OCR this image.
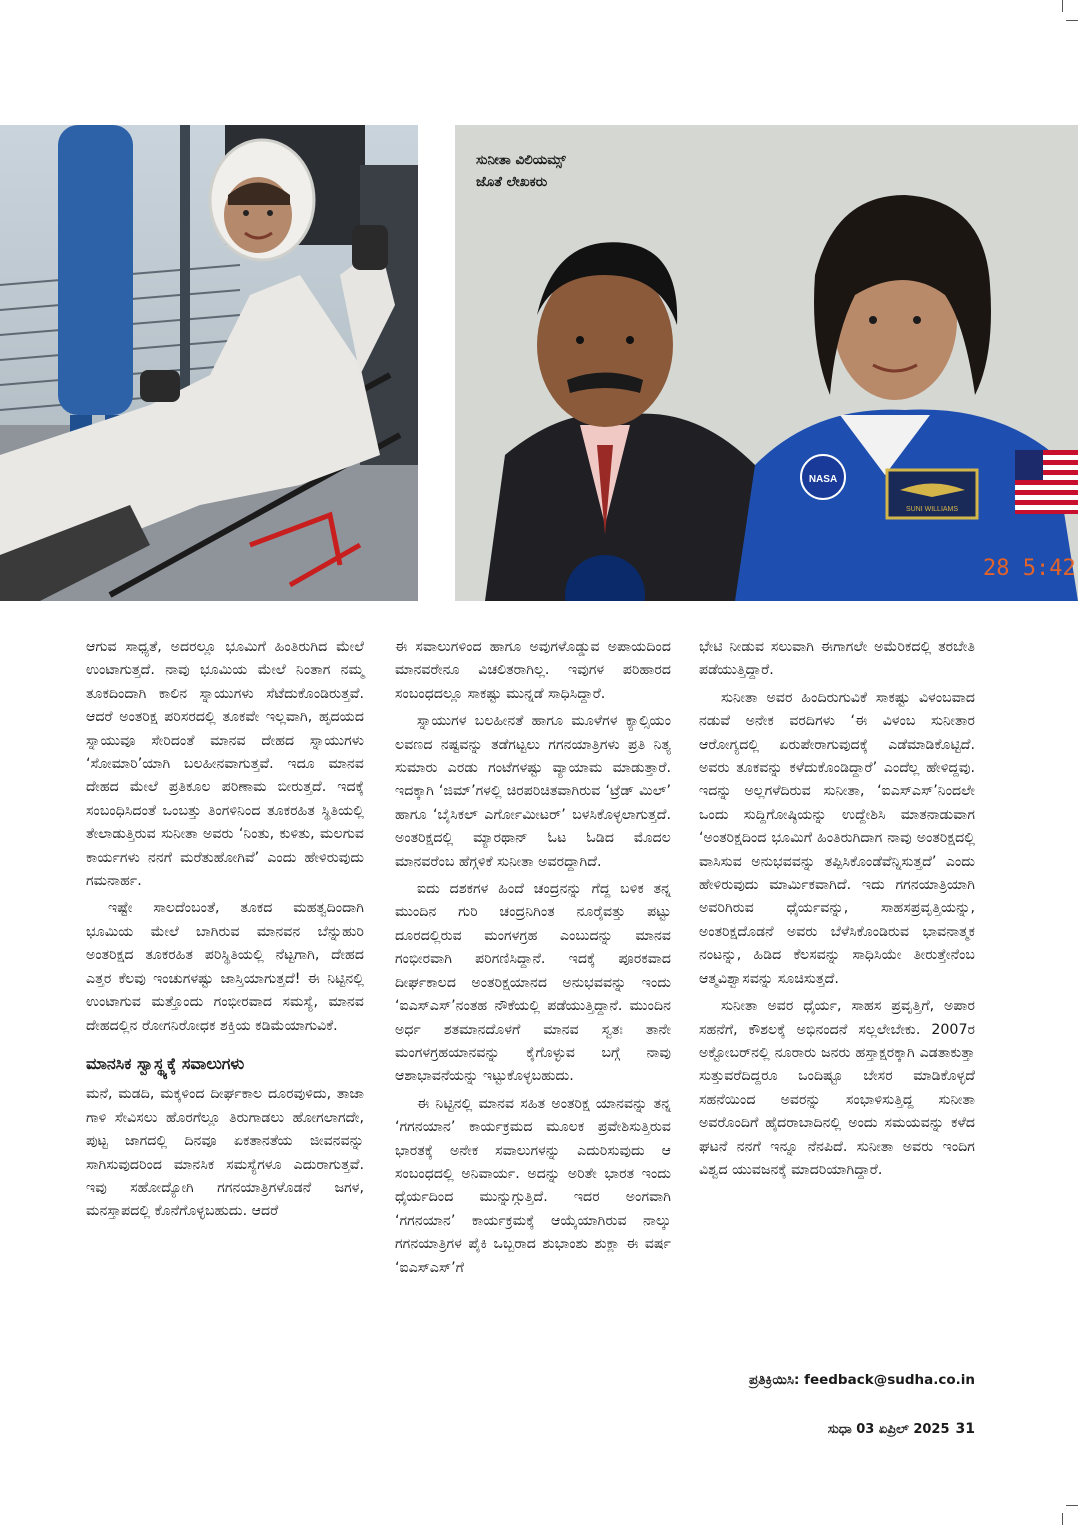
SUNI WILLIAMS
NASA
28 5:42
ಸುನೀತಾ ವಿಲಿಯಮ್ಸ್
ಜೊತೆ ಲೇಖಕರು

ಆಗುವ ಸಾಧ್ಯತೆ, ಅದರಲ್ಲೂ ಭೂಮಿಗೆ ಹಿಂತಿರುಗಿದ ಮೇಲೆ ಉಂಟಾಗುತ್ತದೆ. ನಾವು ಭೂಮಿಯ ಮೇಲೆ ನಿಂತಾಗ ನಮ್ಮ ತೂಕದಿಂದಾಗಿ ಕಾಲಿನ ಸ್ನಾಯುಗಳು ಸೆಟೆದುಕೊಂಡಿರುತ್ತವೆ. ಆದರೆ ಅಂತರಿಕ್ಷ ಪರಿಸರದಲ್ಲಿ ತೂಕವೇ ಇಲ್ಲವಾಗಿ, ಹೃದಯದ ಸ್ನಾಯುವೂ ಸೇರಿದಂತೆ ಮಾನವ ದೇಹದ ಸ್ನಾಯುಗಳು ‘ಸೋಮಾರಿ’ಯಾಗಿ ಬಲಹೀನವಾಗುತ್ತವೆ. ಇದೂ ಮಾನವ ದೇಹದ ಮೇಲೆ ಪ್ರತಿಕೂಲ ಪರಿಣಾಮ ಬೀರುತ್ತದೆ. ಇದಕ್ಕೆ ಸಂಬಂಧಿಸಿದಂತೆ ಒಂಬತ್ತು ತಿಂಗಳಿನಿಂದ ತೂಕರಹಿತ ಸ್ಥಿತಿಯಲ್ಲಿ ತೇಲಾಡುತ್ತಿರುವ ಸುನೀತಾ ಅವರು ‘ನಿಂತು, ಕುಳಿತು, ಮಲಗುವ ಕಾರ್ಯಗಳು ನನಗೆ ಮರೆತುಹೋಗಿವೆ’ ಎಂದು ಹೇಳಿರುವುದು ಗಮನಾರ್ಹ.

ಇಷ್ಟೇ ಸಾಲದೆಂಬಂತೆ, ತೂಕದ ಮಹತ್ವದಿಂದಾಗಿ ಭೂಮಿಯ ಮೇಲೆ ಬಾಗಿರುವ ಮಾನವನ ಬೆನ್ನುಹುರಿ ಅಂತರಿಕ್ಷದ ತೂಕರಹಿತ ಪರಿಸ್ಥಿತಿಯಲ್ಲಿ ನೆಟ್ಟಗಾಗಿ, ದೇಹದ ಎತ್ತರ ಕೆಲವು ಇಂಚುಗಳಷ್ಟು ಜಾಸ್ತಿಯಾಗುತ್ತದೆ! ಈ ನಿಟ್ಟಿನಲ್ಲಿ ಉಂಟಾಗುವ ಮತ್ತೊಂದು ಗಂಭೀರವಾದ ಸಮಸ್ಯೆ, ಮಾನವ ದೇಹದಲ್ಲಿನ ರೋಗನಿರೋಧಕ ಶಕ್ತಿಯ ಕಡಿಮೆಯಾಗುವಿಕೆ.

ಮಾನಸಿಕ ಸ್ವಾಸ್ಥ್ಯಕ್ಕೆ ಸವಾಲುಗಳು

ಮನೆ, ಮಡದಿ, ಮಕ್ಕಳಿಂದ ದೀರ್ಘಕಾಲ ದೂರವುಳಿದು, ತಾಜಾ ಗಾಳಿ ಸೇವಿಸಲು ಹೊರಗೆಲ್ಲೂ ತಿರುಗಾಡಲು ಹೋಗಲಾಗದೇ, ಪುಟ್ಟ ಜಾಗದಲ್ಲಿ ದಿನವೂ ಏಕತಾನತೆಯ ಜೀವನವನ್ನು ಸಾಗಿಸುವುದರಿಂದ ಮಾನಸಿಕ ಸಮಸ್ಯೆಗಳೂ ಎದುರಾಗುತ್ತವೆ. ಇವು ಸಹೋದ್ಯೋಗಿ ಗಗನಯಾತ್ರಿಗಳೊಡನೆ ಜಗಳ, ಮನಸ್ತಾಪದಲ್ಲಿ ಕೊನೆಗೊಳ್ಳಬಹುದು. ಆದರೆ

ಈ ಸವಾಲುಗಳಿಂದ ಹಾಗೂ ಅವುಗಳೊಡ್ಡುವ ಅಪಾಯದಿಂದ ಮಾನವರೇನೂ ವಿಚಲಿತರಾಗಿಲ್ಲ. ಇವುಗಳ ಪರಿಹಾರದ ಸಂಬಂಧದಲ್ಲೂ ಸಾಕಷ್ಟು ಮುನ್ನಡೆ ಸಾಧಿಸಿದ್ದಾರೆ.

ಸ್ನಾಯುಗಳ ಬಲಹೀನತೆ ಹಾಗೂ ಮೂಳೆಗಳ ಕ್ಯಾಲ್ಸಿಯಂ ಲವಣದ ನಷ್ಟವನ್ನು ತಡೆಗಟ್ಟಲು ಗಗನಯಾತ್ರಿಗಳು ಪ್ರತಿ ನಿತ್ಯ ಸುಮಾರು ಎರಡು ಗಂಟೆಗಳಷ್ಟು ವ್ಯಾಯಾಮ ಮಾಡುತ್ತಾರೆ. ಇದಕ್ಕಾಗಿ ‘ಜಿಮ್’ಗಳಲ್ಲಿ ಚಿರಪರಿಚಿತವಾಗಿರುವ ‘ಟ್ರೆಡ್ ಮಿಲ್’ ಹಾಗೂ ‘ಬೈಸಿಕಲ್ ಎರ್ಗೋಮೀಟರ್’ ಬಳಸಿಕೊಳ್ಳಲಾಗುತ್ತದೆ. ಅಂತರಿಕ್ಷದಲ್ಲಿ ಮ್ಯಾರಥಾನ್ ಓಟ ಓಡಿದ ಮೊದಲ ಮಾನವರೆಂಬ ಹೆಗ್ಗಳಿಕೆ ಸುನೀತಾ ಅವರದ್ದಾಗಿದೆ.

ಐದು ದಶಕಗಳ ಹಿಂದೆ ಚಂದ್ರನನ್ನು ಗೆದ್ದ ಬಳಿಕ ತನ್ನ ಮುಂದಿನ ಗುರಿ ಚಂದ್ರನಿಗಿಂತ ನೂರೈವತ್ತು ಪಟ್ಟು ದೂರದಲ್ಲಿರುವ ಮಂಗಳಗ್ರಹ ಎಂಬುದನ್ನು ಮಾನವ ಗಂಭೀರವಾಗಿ ಪರಿಗಣಿಸಿದ್ದಾನೆ. ಇದಕ್ಕೆ ಪೂರಕವಾದ ದೀರ್ಘಕಾಲದ ಅಂತರಿಕ್ಷಯಾನದ ಅನುಭವವನ್ನು ಇಂದು ‘ಐಎಸ್‌ಎಸ್’ನಂತಹ ನೌಕೆಯಲ್ಲಿ ಪಡೆಯುತ್ತಿದ್ದಾನೆ. ಮುಂದಿನ ಅರ್ಧ ಶತಮಾನದೊಳಗೆ ಮಾನವ ಸ್ವತಃ ತಾನೇ ಮಂಗಳಗ್ರಹಯಾನವನ್ನು ಕೈಗೊಳ್ಳುವ ಬಗ್ಗೆ ನಾವು ಆಶಾಭಾವನೆಯನ್ನು ಇಟ್ಟುಕೊಳ್ಳಬಹುದು.

ಈ ನಿಟ್ಟಿನಲ್ಲಿ ಮಾನವ ಸಹಿತ ಅಂತರಿಕ್ಷ ಯಾನವನ್ನು ತನ್ನ ‘ಗಗನಯಾನ’ ಕಾರ್ಯಕ್ರಮದ ಮೂಲಕ ಪ್ರವೇಶಿಸುತ್ತಿರುವ ಭಾರತಕ್ಕೆ ಅನೇಕ ಸವಾಲುಗಳನ್ನು ಎದುರಿಸುವುದು ಆ ಸಂಬಂಧದಲ್ಲಿ ಅನಿವಾರ್ಯ. ಅದನ್ನು ಅರಿತೇ ಭಾರತ ಇಂದು ಧೈರ್ಯದಿಂದ ಮುನ್ನುಗ್ಗುತ್ತಿದೆ. ಇದರ ಅಂಗವಾಗಿ ‘ಗಗನಯಾನ’ ಕಾರ್ಯಕ್ರಮಕ್ಕೆ ಆಯ್ಕೆಯಾಗಿರುವ ನಾಲ್ಕು ಗಗನಯಾತ್ರಿಗಳ ಪೈಕಿ ಒಬ್ಬರಾದ ಶುಭಾಂಶು ಶುಕ್ಲಾ ಈ ವರ್ಷ ‘ಐಎಸ್‌ಎಸ್’ಗೆ

ಭೇಟಿ ನೀಡುವ ಸಲುವಾಗಿ ಈಗಾಗಲೇ ಅಮೆರಿಕದಲ್ಲಿ ತರಬೇತಿ ಪಡೆಯುತ್ತಿದ್ದಾರೆ.

ಸುನೀತಾ ಅವರ ಹಿಂದಿರುಗುವಿಕೆ ಸಾಕಷ್ಟು ವಿಳಂಬವಾದ ನಡುವೆ ಅನೇಕ ವರದಿಗಳು ‘ಈ ವಿಳಂಬ ಸುನೀತಾರ ಆರೋಗ್ಯದಲ್ಲಿ ಏರುಪೇರಾಗುವುದಕ್ಕೆ ಎಡೆಮಾಡಿಕೊಟ್ಟಿದೆ. ಅವರು ತೂಕವನ್ನು ಕಳೆದುಕೊಂಡಿದ್ದಾರೆ’ ಎಂದೆಲ್ಲ ಹೇಳಿದ್ದವು. ಇದನ್ನು ಅಲ್ಲಗಳೆದಿರುವ ಸುನೀತಾ, ‘ಐಎಸ್‌ಎಸ್’ನಿಂದಲೇ ಒಂದು ಸುದ್ದಿಗೋಷ್ಠಿಯನ್ನು ಉದ್ದೇಶಿಸಿ ಮಾತನಾಡುವಾಗ ‘ಅಂತರಿಕ್ಷದಿಂದ ಭೂಮಿಗೆ ಹಿಂತಿರುಗಿದಾಗ ನಾವು ಅಂತರಿಕ್ಷದಲ್ಲಿ ವಾಸಿಸುವ ಅನುಭವವನ್ನು ತಪ್ಪಿಸಿಕೊಂಡೆವೆನ್ನಿಸುತ್ತದೆ’ ಎಂದು ಹೇಳಿರುವುದು ಮಾರ್ಮಿಕವಾಗಿದೆ. ಇದು ಗಗನಯಾತ್ರಿಯಾಗಿ ಅವರಿಗಿರುವ ಧೈರ್ಯವನ್ನು, ಸಾಹಸಪ್ರವೃತ್ತಿಯನ್ನು, ಅಂತರಿಕ್ಷದೊಡನೆ ಅವರು ಬೆಳೆಸಿಕೊಂಡಿರುವ ಭಾವನಾತ್ಮಕ ನಂಟನ್ನು, ಹಿಡಿದ ಕೆಲಸವನ್ನು ಸಾಧಿಸಿಯೇ ತೀರುತ್ತೇನೆಂಬ ಆತ್ಮವಿಶ್ವಾಸವನ್ನು ಸೂಚಿಸುತ್ತದೆ.

ಸುನೀತಾ ಅವರ ಧೈರ್ಯ, ಸಾಹಸ ಪ್ರವೃತ್ತಿಗೆ, ಅಪಾರ ಸಹನೆಗೆ, ಕೌಶಲಕ್ಕೆ ಅಭಿನಂದನೆ ಸಲ್ಲಲೇಬೇಕು. 2007ರ ಅಕ್ಟೋಬರ್‌ನಲ್ಲಿ ನೂರಾರು ಜನರು ಹಸ್ತಾಕ್ಷರಕ್ಕಾಗಿ ಎಡತಾಕುತ್ತಾ ಸುತ್ತುವರೆದಿದ್ದರೂ ಒಂದಿಷ್ಟೂ ಬೇಸರ ಮಾಡಿಕೊಳ್ಳದೆ ಸಹನೆಯಿಂದ ಅವರನ್ನು ಸಂಭಾಳಿಸುತ್ತಿದ್ದ ಸುನೀತಾ ಅವರೊಂದಿಗೆ ಹೈದರಾಬಾದಿನಲ್ಲಿ ಅಂದು ಸಮಯವನ್ನು ಕಳೆದ ಘಟನೆ ನನಗೆ ಇನ್ನೂ ನೆನಪಿದೆ. ಸುನೀತಾ ಅವರು ಇಂದಿಗ ವಿಶ್ವದ ಯುವಜನಕ್ಕೆ ಮಾದರಿಯಾಗಿದ್ದಾರೆ.

ಪ್ರತಿಕ್ರಿಯಿಸಿ: feedback@sudha.co.in
ಸುಧಾ 03 ಏಪ್ರಿಲ್ 2025 31
